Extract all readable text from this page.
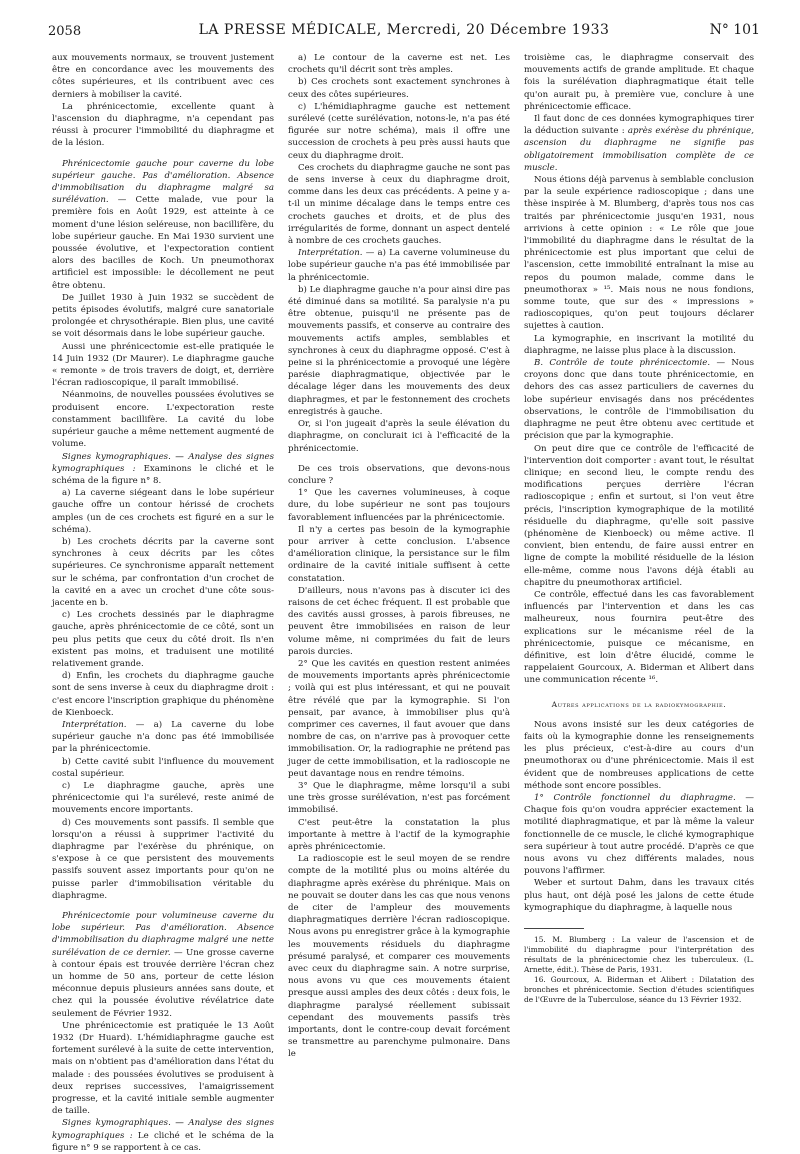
2058	LA PRESSE MÉDICALE, Mercredi, 20 Décembre 1933	N° 101

aux mouvements normaux, se trouvent justement être en concordance avec les mouvements des côtes supérieures, et ils contribuent avec ces derniers à mobiliser la cavité.

La phrénicectomie, excellente quant à l'ascension du diaphragme, n'a cependant pas réussi à procurer l'immobilité du diaphragme et de la lésion.

Phrénicectomie gauche pour caverne du lobe supérieur gauche. Pas d'amélioration. Absence d'immobilisation du diaphragme malgré sa surélévation. — Cette malade, vue pour la première fois en Août 1929, est atteinte à ce moment d'une lésion seléreuse, non bacillifère, du lobe supérieur gauche. En Mai 1930 survient une poussée évolutive, et l'expectoration contient alors des bacilles de Koch. Un pneumothorax artificiel est impossible: le décollement ne peut être obtenu.

De Juillet 1930 à Juin 1932 se succèdent de petits épisodes évolutifs, malgré cure sanatoriale prolongée et chrysothérapie. Bien plus, une cavité se voit désormais dans le lobe supérieur gauche.

Aussi une phrénicectomie est-elle pratiquée le 14 Juin 1932 (Dr Maurer). Le diaphragme gauche « remonte » de trois travers de doigt, et, derrière l'écran radioscopique, il paraît immobilisé.

Néanmoins, de nouvelles poussées évolutives se produisent encore. L'expectoration reste constamment bacillifère. La cavité du lobe supérieur gauche a même nettement augmenté de volume.

Signes kymographiques. — Analyse des signes kymographiques : Examinons le cliché et le schéma de la figure n° 8.

a) La caverne siégeant dans le lobe supérieur gauche offre un contour hérissé de crochets amples (un de ces crochets est figuré en a sur le schéma).

b) Les crochets décrits par la caverne sont synchrones à ceux décrits par les côtes supérieures. Ce synchronisme apparaît nettement sur le schéma, par confrontation d'un crochet de la cavité en a avec un crochet d'une côte sous-jacente en b.

c) Les crochets dessinés par le diaphragme gauche, après phrénicectomie de ce côté, sont un peu plus petits que ceux du côté droit. Ils n'en existent pas moins, et traduisent une motilité relativement grande.

d) Enfin, les crochets du diaphragme gauche sont de sens inverse à ceux du diaphragme droit : c'est encore l'inscription graphique du phénomène de Kienboeck.

Interprétation. — a) La caverne du lobe supérieur gauche n'a donc pas été immobilisée par la phrénicectomie.

b) Cette cavité subit l'influence du mouvement costal supérieur.

c) Le diaphragme gauche, après une phrénicectomie qui l'a surélevé, reste animé de mouvements encore importants.

d) Ces mouvements sont passifs. Il semble que lorsqu'on a réussi à supprimer l'activité du diaphragme par l'exérèse du phrénique, on s'expose à ce que persistent des mouvements passifs souvent assez importants pour qu'on ne puisse parler d'immobilisation véritable du diaphragme.

Phrénicectomie pour volumineuse caverne du lobe supérieur. Pas d'amélioration. Absence d'immobilisation du diaphragme malgré une nette surélévation de ce dernier. — Une grosse caverne à contour épais est trouvée derrière l'écran chez un homme de 50 ans, porteur de cette lésion méconnue depuis plusieurs années sans doute, et chez qui la poussée évolutive révélatrice date seulement de Février 1932.

Une phrénicectomie est pratiquée le 13 Août 1932 (Dr Huard). L'hémidiaphragme gauche est fortement surélevé à la suite de cette intervention, mais on n'obtient pas d'amélioration dans l'état du malade : des poussées évolutives se produisent à deux reprises successives, l'amaigrissement progresse, et la cavité initiale semble augmenter de taille.

Signes kymographiques. — Analyse des signes kymographiques : Le cliché et le schéma de la figure n° 9 se rapportent à ce cas.

a) Le contour de la caverne est net. Les crochets qu'il décrit sont très amples.

b) Ces crochets sont exactement synchrones à ceux des côtes supérieures.

c) L'hémidiaphragme gauche est nettement surélevé (cette surélévation, notons-le, n'a pas été figurée sur notre schéma), mais il offre une succession de crochets à peu près aussi hauts que ceux du diaphragme droit.

Ces crochets du diaphragme gauche ne sont pas de sens inverse à ceux du diaphragme droit, comme dans les deux cas précédents. A peine y a-t-il un minime décalage dans le temps entre ces crochets gauches et droits, et de plus des irrégularités de forme, donnant un aspect dentelé à nombre de ces crochets gauches.

Interprétation. — a) La caverne volumineuse du lobe supérieur gauche n'a pas été immobilisée par la phrénicectomie.

b) Le diaphragme gauche n'a pour ainsi dire pas été diminué dans sa motilité. Sa paralysie n'a pu être obtenue, puisqu'il ne présente pas de mouvements passifs, et conserve au contraire des mouvements actifs amples, semblables et synchrones à ceux du diaphragme opposé. C'est à peine si la phrénicectomie a provoqué une légère parésie diaphragmatique, objectivée par le décalage léger dans les mouvements des deux diaphragmes, et par le festonnement des crochets enregistrés à gauche.

Or, si l'on jugeait d'après la seule élévation du diaphragme, on conclurait ici à l'efficacité de la phrénicectomie.

De ces trois observations, que devons-nous conclure ?

1° Que les cavernes volumineuses, à coque dure, du lobe supérieur ne sont pas toujours favorablement influencées par la phrénicectomie.

Il n'y a certes pas besoin de la kymographie pour arriver à cette conclusion. L'absence d'amélioration clinique, la persistance sur le film ordinaire de la cavité initiale suffisent à cette constatation.

D'ailleurs, nous n'avons pas à discuter ici des raisons de cet échec fréquent. Il est probable que des cavités aussi grosses, à parois fibreuses, ne peuvent être immobilisées en raison de leur volume même, ni comprimées du fait de leurs parois durcies.

2° Que les cavités en question restent animées de mouvements importants après phrénicectomie ; voilà qui est plus intéressant, et qui ne pouvait être révélé que par la kymographie. Si l'on pensait, par avance, à immobiliser plus qu'à comprimer ces cavernes, il faut avouer que dans nombre de cas, on n'arrive pas à provoquer cette immobilisation. Or, la radiographie ne prétend pas juger de cette immobilisation, et la radioscopie ne peut davantage nous en rendre témoins.

3° Que le diaphragme, même lorsqu'il a subi une très grosse surélévation, n'est pas forcément immobilisé.

C'est peut-être la constatation la plus importante à mettre à l'actif de la kymographie après phrénicectomie.

La radioscopie est le seul moyen de se rendre compte de la motilité plus ou moins altérée du diaphragme après exérèse du phrénique. Mais on ne pouvait se douter dans les cas que nous venons de citer de l'ampleur des mouvements diaphragmatiques derrière l'écran radioscopique. Nous avons pu enregistrer grâce à la kymographie les mouvements résiduels du diaphragme présumé paralysé, et comparer ces mouvements avec ceux du diaphragme sain. A notre surprise, nous avons vu que ces mouvements étaient presque aussi amples des deux côtés : deux fois, le diaphragme paralysé réellement subissait cependant des mouvements passifs très importants, dont le contre-coup devait forcément se transmettre au parenchyme pulmonaire. Dans le

troisième cas, le diaphragme conservait des mouvements actifs de grande amplitude. Et chaque fois la surélévation diaphragmatique était telle qu'on aurait pu, à première vue, conclure à une phrénicectomie efficace.

Il faut donc de ces données kymographiques tirer la déduction suivante : après exérèse du phrénique, ascension du diaphragme ne signifie pas obligatoirement immobilisation complète de ce muscle.

Nous étions déjà parvenus à semblable conclusion par la seule expérience radioscopique ; dans une thèse inspirée à M. Blumberg, d'après tous nos cas traités par phrénicectomie jusqu'en 1931, nous arrivions à cette opinion : « Le rôle que joue l'immobilité du diaphragme dans le résultat de la phrénicectomie est plus important que celui de l'ascension, cette immobilité entraînant la mise au repos du poumon malade, comme dans le pneumothorax » ¹⁵. Mais nous ne nous fondions, somme toute, que sur des « impressions » radioscopiques, qu'on peut toujours déclarer sujettes à caution.

La kymographie, en inscrivant la motilité du diaphragme, ne laisse plus place à la discussion.

B. Contrôle de toute phrénicectomie. — Nous croyons donc que dans toute phrénicectomie, en dehors des cas assez particuliers de cavernes du lobe supérieur envisagés dans nos précédentes observations, le contrôle de l'immobilisation du diaphragme ne peut être obtenu avec certitude et précision que par la kymographie.

On peut dire que ce contrôle de l'efficacité de l'intervention doit comporter : avant tout, le résultat clinique; en second lieu, le compte rendu des modifications perçues derrière l'écran radioscopique ; enfin et surtout, si l'on veut être précis, l'inscription kymographique de la motilité résiduelle du diaphragme, qu'elle soit passive (phénomène de Kienboeck) ou même active. Il convient, bien entendu, de faire aussi entrer en ligne de compte la mobilité résiduelle de la lésion elle-même, comme nous l'avons déjà établi au chapitre du pneumothorax artificiel.

Ce contrôle, effectué dans les cas favorablement influencés par l'intervention et dans les cas malheureux, nous fournira peut-être des explications sur le mécanisme réel de la phrénicectomie, puisque ce mécanisme, en définitive, est loin d'être élucidé, comme le rappelaient Gourcoux, A. Biderman et Alibert dans une communication récente ¹⁶.

Autres applications de la radiokymographie.

Nous avons insisté sur les deux catégories de faits où la kymographie donne les renseignements les plus précieux, c'est-à-dire au cours d'un pneumothorax ou d'une phrénicectomie. Mais il est évident que de nombreuses applications de cette méthode sont encore possibles.

1° Contrôle fonctionnel du diaphragme. — Chaque fois qu'on voudra apprécier exactement la motilité diaphragmatique, et par là même la valeur fonctionnelle de ce muscle, le cliché kymographique sera supérieur à tout autre procédé. D'après ce que nous avons vu chez différents malades, nous pouvons l'affirmer.

Weber et surtout Dahm, dans les travaux cités plus haut, ont déjà posé les jalons de cette étude kymographique du diaphragme, à laquelle nous

15. M. Blumberg : La valeur de l'ascension et de l'immobilité du diaphragme pour l'interprétation des résultats de la phrénicectomie chez les tuberculeux. (L. Arnette, édit.). Thèse de Paris, 1931.

16. Gourcoux, A. Biderman et Alibert : Dilatation des bronches et phrénicectomie. Section d'études scientifiques de l'Œuvre de la Tuberculose, séance du 13 Février 1932.
